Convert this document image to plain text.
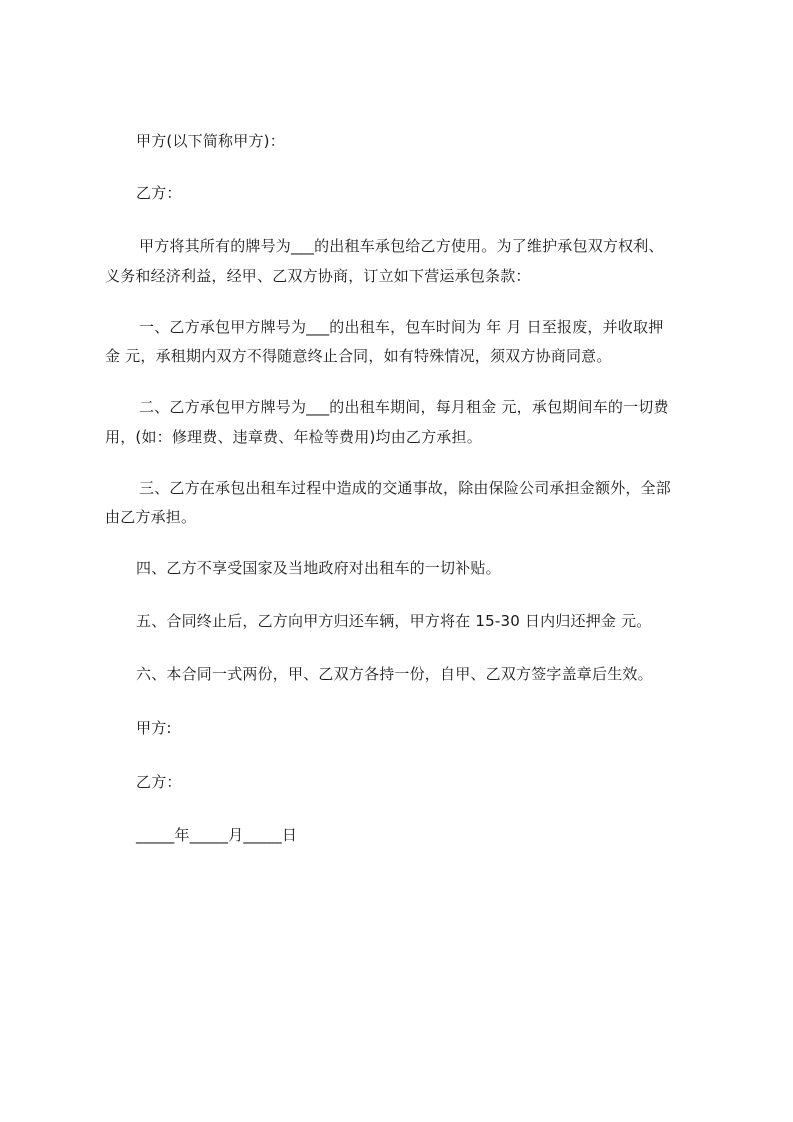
甲方(以下简称甲方)：
乙方：
甲方将其所有的牌号为___的出租车承包给乙方使用。为了维护承包双方权利、
义务和经济利益，经甲、乙双方协商，订立如下营运承包条款：
一、乙方承包甲方牌号为___的出租车，包车时间为 年 月 日至报废，并收取押
金 元，承租期内双方不得随意终止合同，如有特殊情况，须双方协商同意。
二、乙方承包甲方牌号为___的出租车期间，每月租金 元，承包期间车的一切费
用，(如：修理费、违章费、年检等费用)均由乙方承担。
三、乙方在承包出租车过程中造成的交通事故，除由保险公司承担金额外，全部
由乙方承担。
四、乙方不享受国家及当地政府对出租车的一切补贴。
五、合同终止后，乙方向甲方归还车辆，甲方将在 15-30 日内归还押金 元。
六、本合同一式两份，甲、乙双方各持一份，自甲、乙双方签字盖章后生效。
甲方:
乙方：
_____年_____月_____日
